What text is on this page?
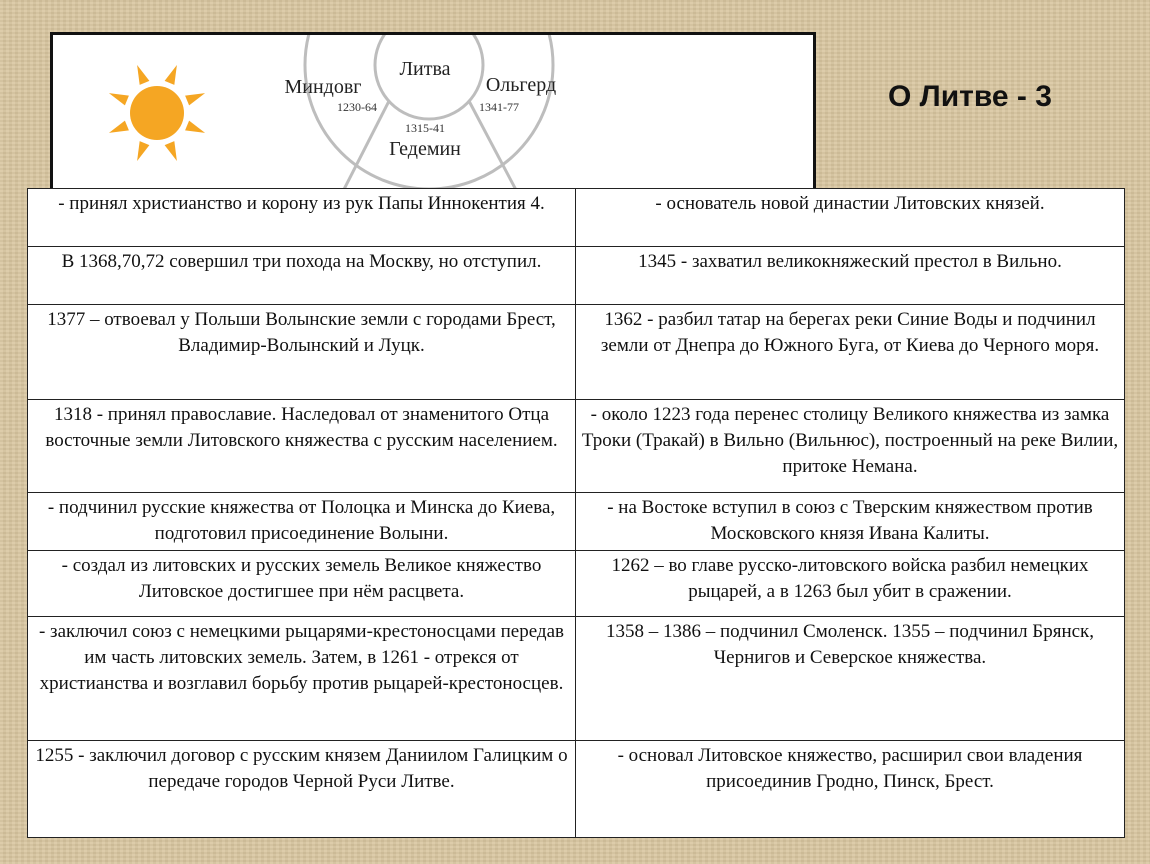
Литва
Миндовг
1230-64
Ольгерд
1341-77
1315-41
Гедемин
О Литве - 3
- принял христианство и корону из рук Папы Иннокентия 4.	- основатель новой династии Литовских князей.
В 1368,70,72 совершил три похода на Москву, но отступил.	1345 - захватил великокняжеский престол в Вильно.
1377 – отвоевал у Польши Волынские земли с городами Брест, Владимир-Волынский и Луцк.	1362 - разбил татар на берегах реки Синие Воды и подчинил земли от Днепра до Южного Буга, от Киева до Черного моря.
1318 - принял православие. Наследовал от знаменитого Отца восточные земли Литовского княжества с русским населением.	- около 1223 года перенес столицу Великого княжества из замка Троки (Тракай) в Вильно (Вильнюс), построенный на реке Вилии, притоке Немана.
- подчинил русские княжества от Полоцка и Минска до Киева, подготовил присоединение Волыни.	- на Востоке вступил в союз с Тверским княжеством против Московского князя Ивана Калиты.
- создал из литовских и русских земель Великое княжество Литовское достигшее при нём расцвета.	1262 – во главе русско-литовского войска разбил немецких рыцарей, а в 1263 был убит в сражении.
- заключил союз с немецкими рыцарями-крестоносцами передав им часть литовских земель. Затем, в 1261 - отрекся от христианства и возглавил борьбу против рыцарей-крестоносцев.	1358 – 1386 – подчинил Смоленск. 1355 – подчинил Брянск, Чернигов и Северское княжества.
1255 - заключил договор с русским князем Даниилом Галицким о передаче городов Черной Руси Литве.	- основал Литовское княжество, расширил свои владения присоединив Гродно, Пинск, Брест.
